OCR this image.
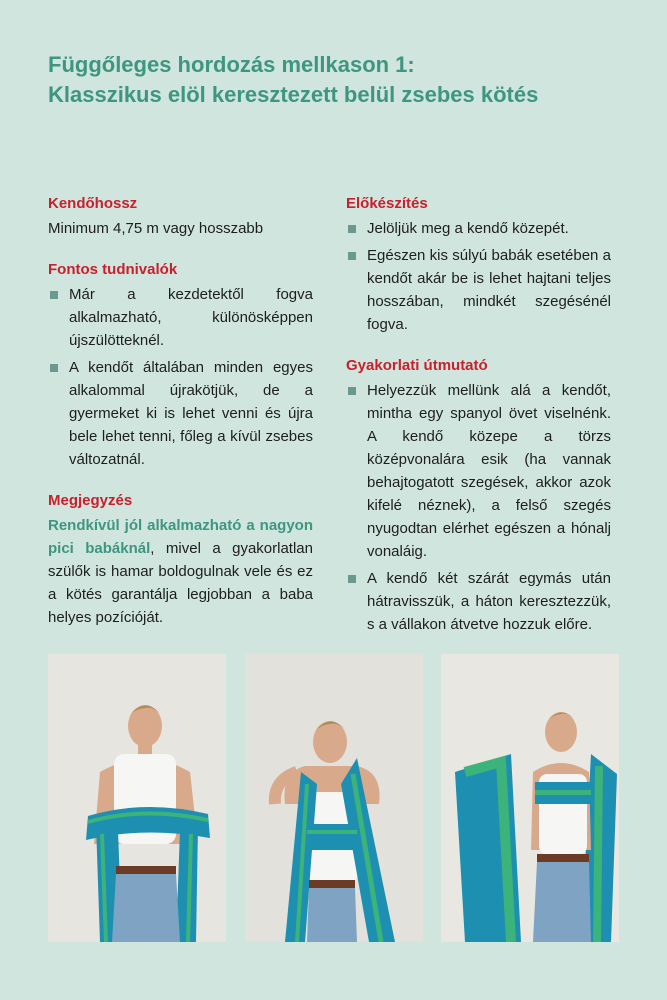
Függőleges hordozás mellkason 1:
Klasszikus elöl keresztezett belül zsebes kötés
Kendőhossz

Minimum 4,75 m vagy hosszabb

Fontos tudnivalók
Már a kezdetektől fogva alkalmazható, különösképpen újszülötteknél.
A kendőt általában minden egyes alkalommal újrakötjük, de a gyermeket ki is lehet venni és újra bele lehet tenni, főleg a kívül zsebes változatnál.
Megjegyzés

Rendkívül jól alkalmazható a nagyon pici babáknál, mivel a gyakorlatlan szülők is hamar boldogulnak vele és ez a kötés garantálja legjobban a baba helyes pozícióját.

Előkészítés
Jelöljük meg a kendő közepét.
Egészen kis súlyú babák esetében a kendőt akár be is lehet hajtani teljes hosszában, mindkét szegésénél fogva.
Gyakorlati útmutató
Helyezzük mellünk alá a kendőt, mintha egy spanyol övet viselnénk. A kendő közepe a törzs középvonalára esik (ha vannak behajtogatott szegések, akkor azok kifelé néznek), a felső szegés nyugodtan elérhet egészen a hónalj vonaláig.
A kendő két szárát egymás után hátravisszük, a háton keresztezzük, s a vállakon átvetve hozzuk előre.
